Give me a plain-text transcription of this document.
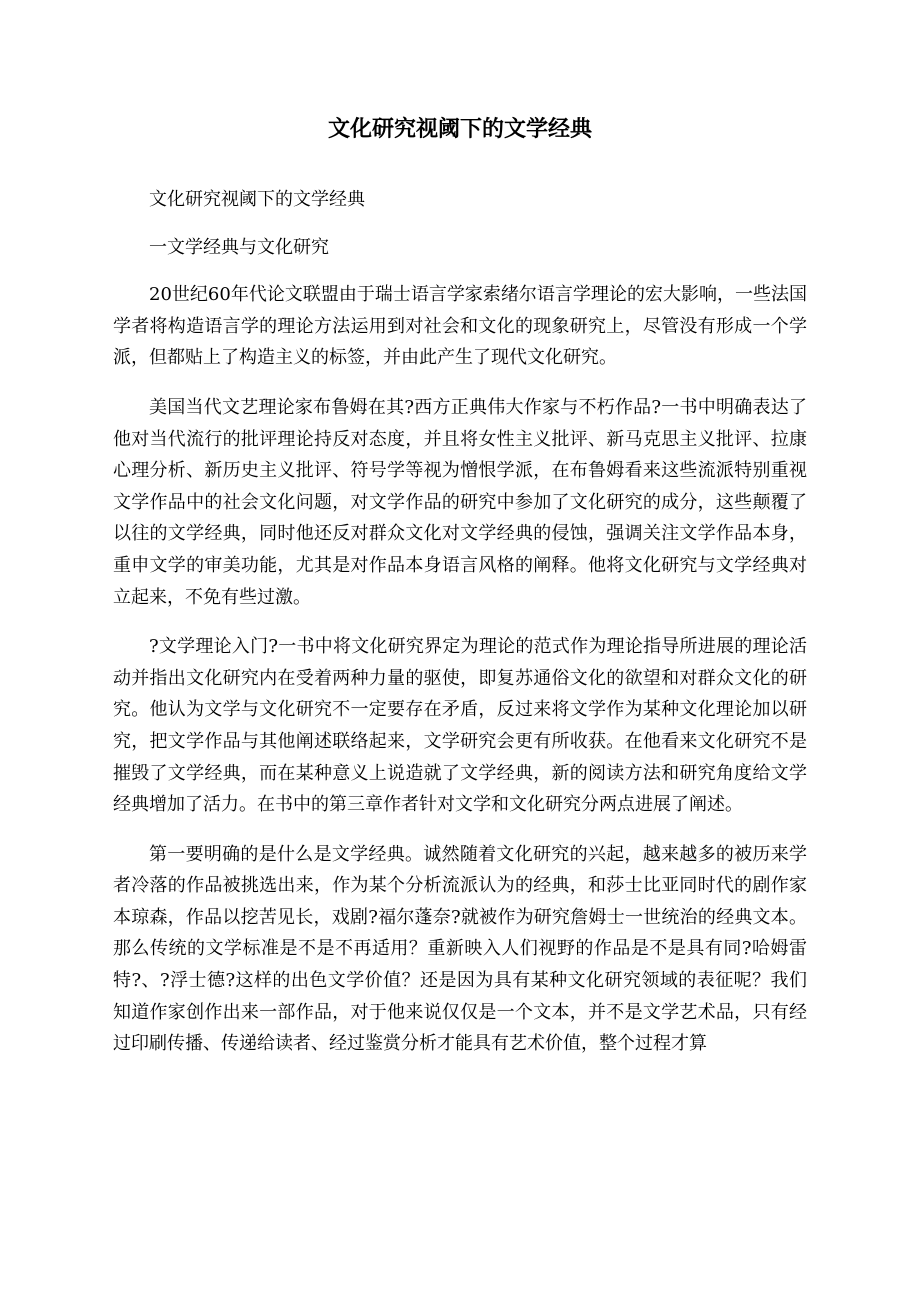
文化研究视阈下的文学经典

文化研究视阈下的文学经典

一文学经典与文化研究

20世纪60年代论文联盟由于瑞士语言学家索绪尔语言学理论的宏大影响，一些法国学者将构造语言学的理论方法运用到对社会和文化的现象研究上，尽管没有形成一个学派，但都贴上了构造主义的标签，并由此产生了现代文化研究。

美国当代文艺理论家布鲁姆在其?西方正典伟大作家与不朽作品?一书中明确表达了他对当代流行的批评理论持反对态度，并且将女性主义批评、新马克思主义批评、拉康心理分析、新历史主义批评、符号学等视为憎恨学派，在布鲁姆看来这些流派特别重视文学作品中的社会文化问题，对文学作品的研究中参加了文化研究的成分，这些颠覆了以往的文学经典，同时他还反对群众文化对文学经典的侵蚀，强调关注文学作品本身，重申文学的审美功能，尤其是对作品本身语言风格的阐释。他将文化研究与文学经典对立起来，不免有些过激。

?文学理论入门?一书中将文化研究界定为理论的范式作为理论指导所进展的理论活动并指出文化研究内在受着两种力量的驱使，即复苏通俗文化的欲望和对群众文化的研究。他认为文学与文化研究不一定要存在矛盾，反过来将文学作为某种文化理论加以研究，把文学作品与其他阐述联络起来，文学研究会更有所收获。在他看来文化研究不是摧毁了文学经典，而在某种意义上说造就了文学经典，新的阅读方法和研究角度给文学经典增加了活力。在书中的第三章作者针对文学和文化研究分两点进展了阐述。

第一要明确的是什么是文学经典。诚然随着文化研究的兴起，越来越多的被历来学者冷落的作品被挑选出来，作为某个分析流派认为的经典，和莎士比亚同时代的剧作家本琼森，作品以挖苦见长，戏剧?福尔蓬奈?就被作为研究詹姆士一世统治的经典文本。那么传统的文学标准是不是不再适用？重新映入人们视野的作品是不是具有同?哈姆雷特?、?浮士德?这样的出色文学价值？还是因为具有某种文化研究领域的表征呢？我们知道作家创作出来一部作品，对于他来说仅仅是一个文本，并不是文学艺术品，只有经过印刷传播、传递给读者、经过鉴赏分析才能具有艺术价值，整个过程才算
